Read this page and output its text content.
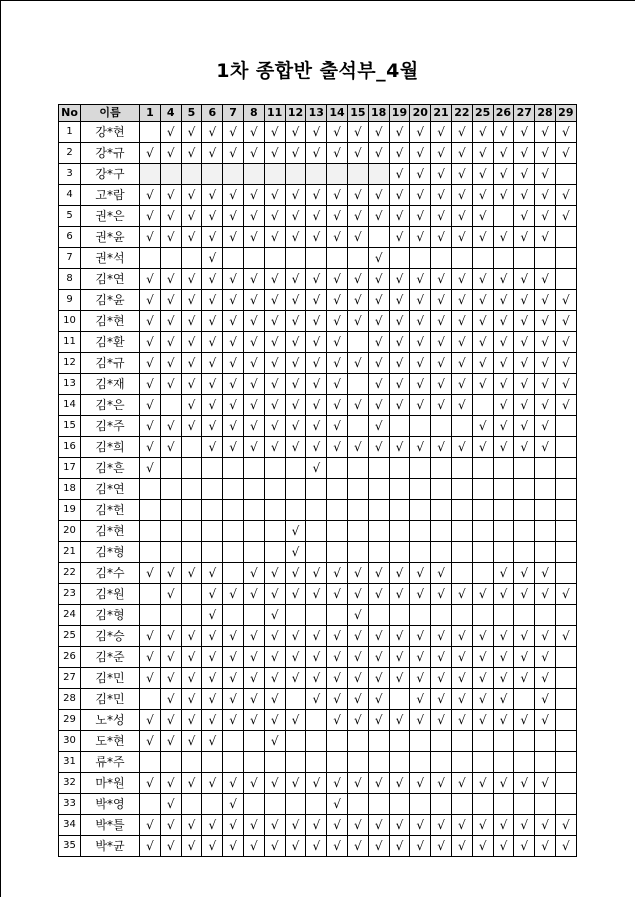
1차 종합반 출석부_4월
No	이름	1	4	5	6	7	8	11	12	13	14	15	18	19	20	21	22	25	26	27	28	29
1	강*현		√	√	√	√	√	√	√	√	√	√	√	√	√	√	√	√	√	√	√	√
2	강*규	√	√	√	√	√	√	√	√	√	√	√	√	√	√	√	√	√	√	√	√	√
3	강*구													√	√	√	√	√	√	√	√	
4	고*람	√	√	√	√	√	√	√	√	√	√	√	√	√	√	√	√	√	√	√	√	√
5	권*은	√	√	√	√	√	√	√	√	√	√	√	√	√	√	√	√	√		√	√	√
6	권*윤	√	√	√	√	√	√	√	√	√	√	√		√	√	√	√	√	√	√	√	
7	권*석				√								√									
8	김*연	√	√	√	√	√	√	√	√	√	√	√	√	√	√	√	√	√	√	√	√	
9	김*윤	√	√	√	√	√	√	√	√	√	√	√	√	√	√	√	√	√	√	√	√	√
10	김*현	√	√	√	√	√	√	√	√	√	√	√	√	√	√	√	√	√	√	√	√	√
11	김*환	√	√	√	√	√	√	√	√	√	√		√	√	√	√	√	√	√	√	√	√
12	김*규	√	√	√	√	√	√	√	√	√	√	√	√	√	√	√	√	√	√	√	√	√
13	김*재	√	√	√	√	√	√	√	√	√	√		√	√	√	√	√	√	√	√	√	√
14	김*은	√		√	√	√	√	√	√	√	√	√	√	√	√	√	√		√	√	√	√
15	김*주	√	√	√	√	√	√	√	√	√	√		√					√	√	√	√	
16	김*희	√	√		√	√	√	√	√	√	√	√	√	√	√	√	√	√	√	√	√	
17	김*흔	√								√												
18	김*연																					
19	김*헌																					
20	김*현								√													
21	김*형								√													
22	김*수	√	√	√	√		√	√	√	√	√	√	√	√	√	√			√	√	√	
23	김*원		√		√	√	√	√	√	√	√	√	√	√	√	√	√	√	√	√	√	√
24	김*형				√			√				√										
25	김*승	√	√	√	√	√	√	√	√	√	√	√	√	√	√	√	√	√	√	√	√	√
26	김*준	√	√	√	√	√	√	√	√	√	√	√	√	√	√	√	√	√	√	√	√	
27	김*민	√	√	√	√	√	√	√	√	√	√	√	√	√	√	√	√	√	√	√	√	
28	김*민		√	√	√	√	√	√		√	√	√	√		√	√	√	√	√		√	
29	노*성	√	√	√	√	√	√	√	√		√	√	√	√	√	√	√	√	√	√	√	
30	도*현	√	√	√	√			√														
31	류*주																					
32	마*원	√	√	√	√	√	√	√	√	√	√	√	√	√	√	√	√	√	√	√	√	
33	박*영		√			√					√											
34	박*틀	√	√	√	√	√	√	√	√	√	√	√	√	√	√	√	√	√	√	√	√	√
35	박*균	√	√	√	√	√	√	√	√	√	√	√	√	√	√	√	√	√	√	√	√	√
